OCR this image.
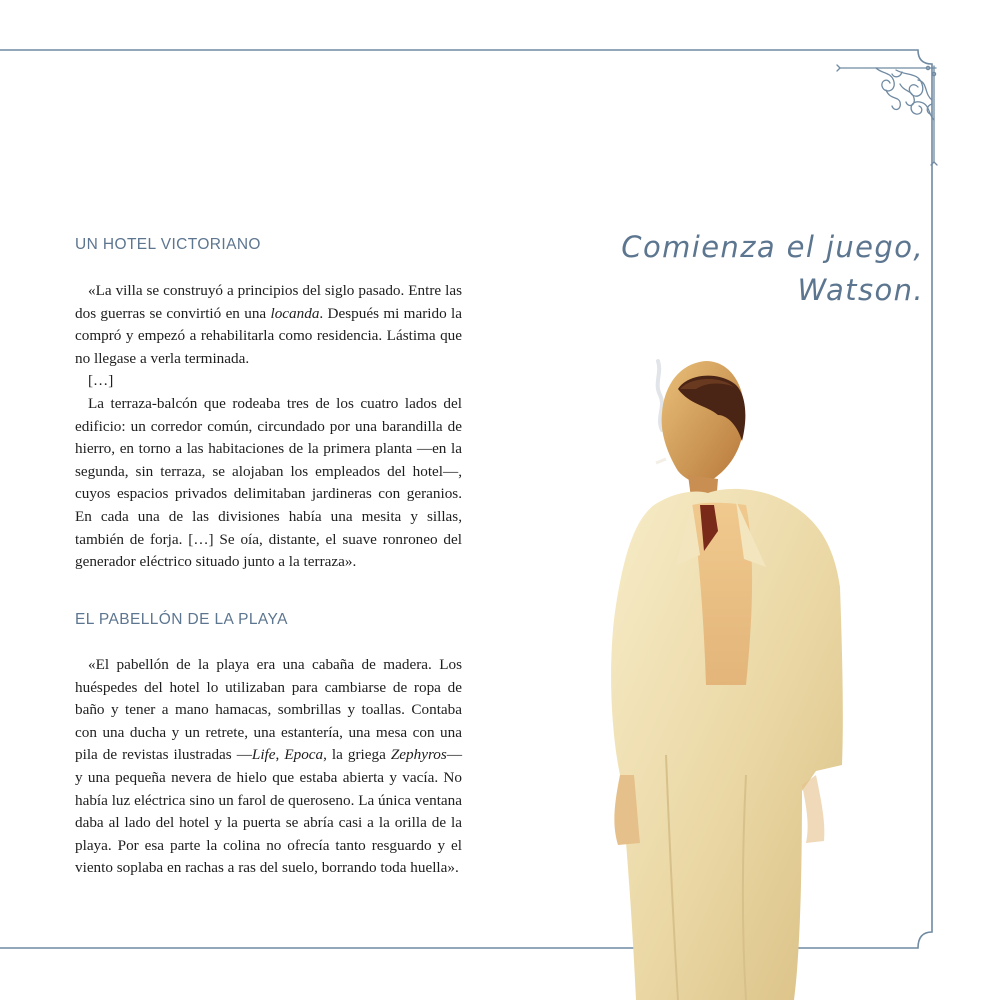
UN HOTEL VICTORIANO

«La villa se construyó a principios del siglo pasado. Entre las dos guerras se convirtió en una locanda. Después mi marido la compró y empezó a rehabilitarla como residencia. Lástima que no llegase a verla terminada.

[…]

La terraza-balcón que rodeaba tres de los cuatro lados del edificio: un corredor común, circundado por una barandilla de hierro, en torno a las habitaciones de la primera planta —en la segunda, sin terraza, se alojaban los empleados del hotel—, cuyos espacios privados delimitaban jardineras con geranios. En cada una de las divisiones había una mesita y sillas, también de forja. […] Se oía, distante, el suave ronroneo del generador eléctrico situado junto a la terraza».

EL PABELLÓN DE LA PLAYA

«El pabellón de la playa era una cabaña de madera. Los huéspedes del hotel lo utilizaban para cambiarse de ropa de baño y tener a mano hamacas, sombrillas y toallas. Contaba con una ducha y un retrete, una estantería, una mesa con una pila de revistas ilustradas —Life, Epoca, la griega Zephyros— y una pequeña nevera de hielo que estaba abierta y vacía. No había luz eléctrica sino un farol de queroseno. La única ventana daba al lado del hotel y la puerta se abría casi a la orilla de la playa. Por esa parte la colina no ofrecía tanto resguardo y el viento soplaba en rachas a ras del suelo, borrando toda huella».

Comienza el juego,
Watson.
